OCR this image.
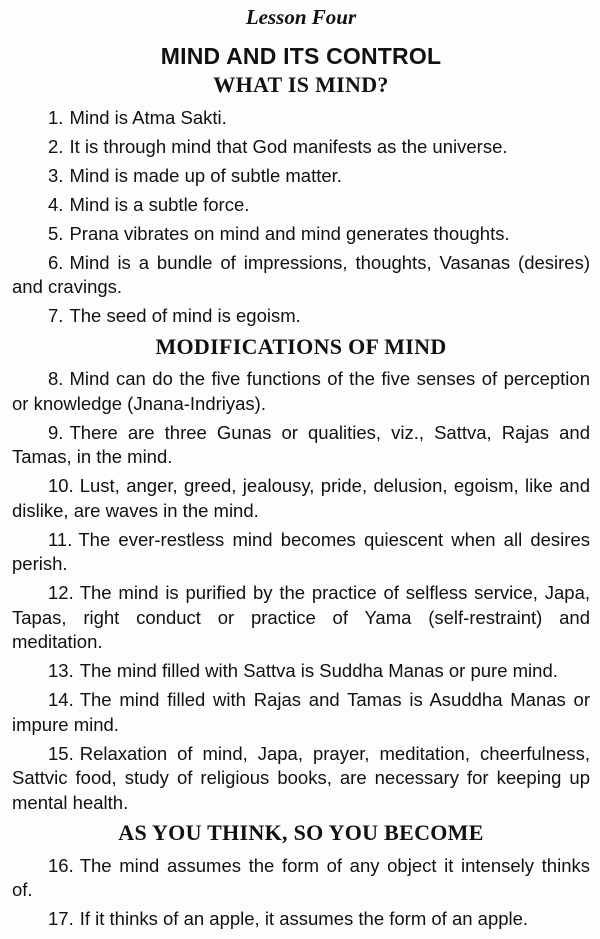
Lesson Four
MIND AND ITS CONTROL
WHAT IS MIND?

1. Mind is Atma Sakti.

2. It is through mind that God manifests as the universe.

3. Mind is made up of subtle matter.

4. Mind is a subtle force.

5. Prana vibrates on mind and mind generates thoughts.

6. Mind is a bundle of impressions, thoughts, Vasanas (desires) and cravings.

7. The seed of mind is egoism.

MODIFICATIONS OF MIND

8. Mind can do the five functions of the five senses of perception or knowledge (Jnana-Indriyas).

9. There are three Gunas or qualities, viz., Sattva, Rajas and Tamas, in the mind.

10. Lust, anger, greed, jealousy, pride, delusion, egoism, like and dislike, are waves in the mind.

11. The ever-restless mind becomes quiescent when all desires perish.

12. The mind is purified by the practice of selfless service, Japa, Tapas, right conduct or practice of Yama (self-restraint) and meditation.

13. The mind filled with Sattva is Suddha Manas or pure mind.

14. The mind filled with Rajas and Tamas is Asuddha Manas or impure mind.

15. Relaxation of mind, Japa, prayer, meditation, cheerfulness, Sattvic food, study of religious books, are necessary for keeping up mental health.

AS YOU THINK, SO YOU BECOME

16. The mind assumes the form of any object it intensely thinks of.

17. If it thinks of an apple, it assumes the form of an apple.
